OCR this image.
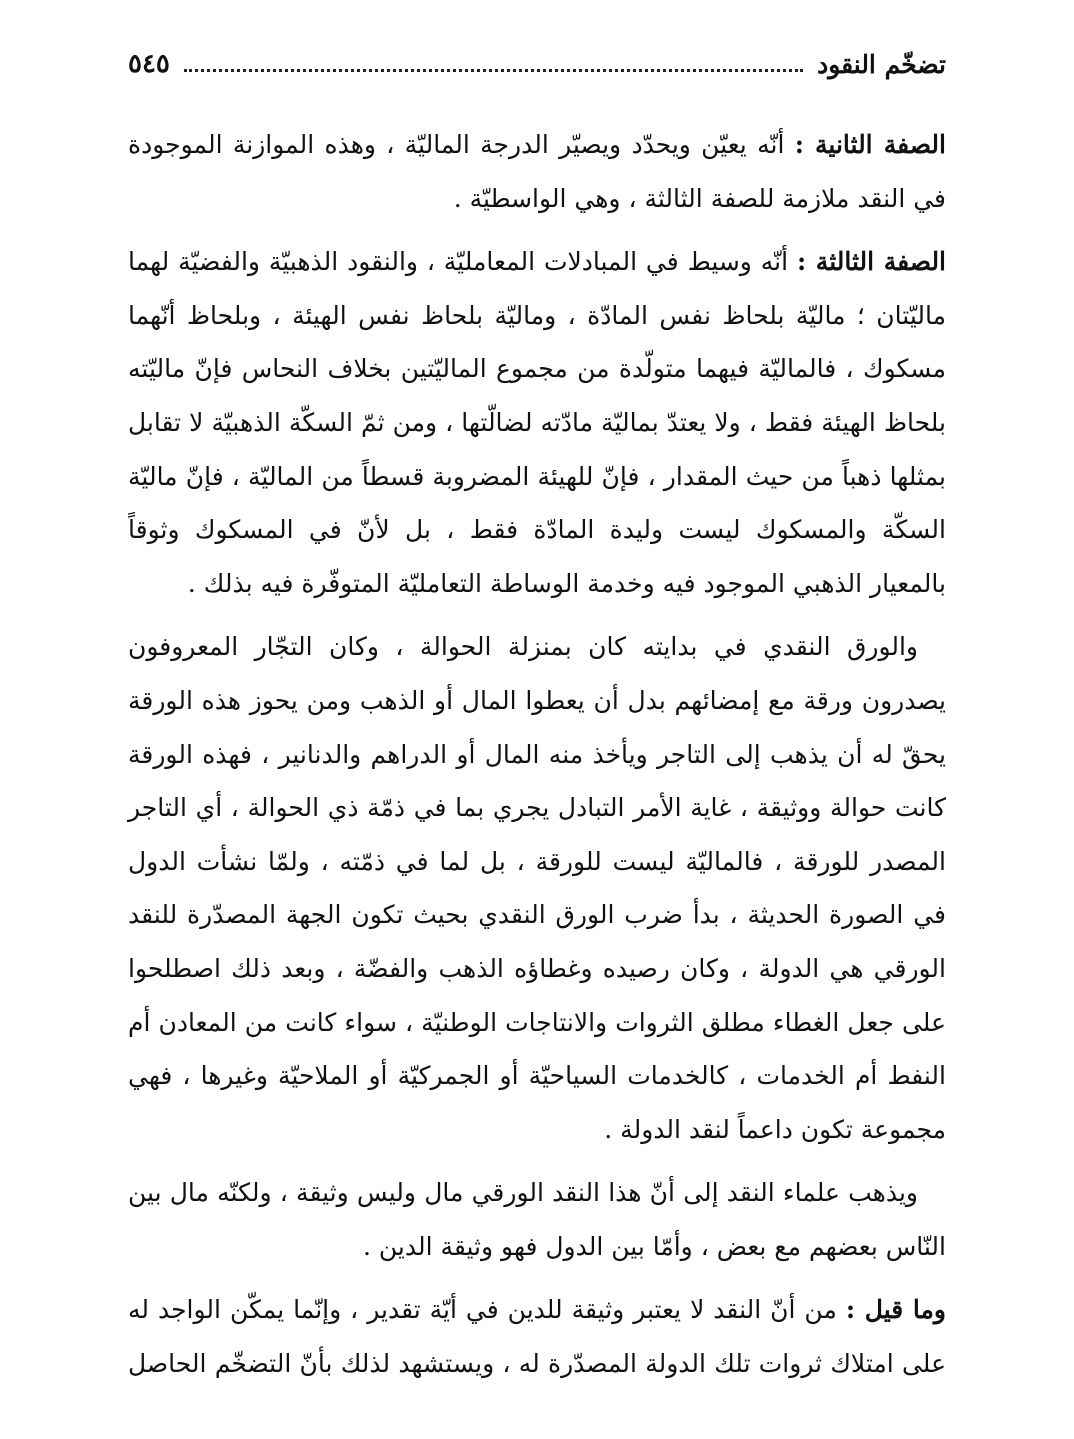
تضخّم النقود
٥٤٥

الصفة الثانية : أنّه يعيّن ويحدّد ويصيّر الدرجة الماليّة ، وهذه الموازنة الموجودة في النقد ملازمة للصفة الثالثة ، وهي الواسطيّة .

الصفة الثالثة : أنّه وسيط في المبادلات المعامليّة ، والنقود الذهبيّة والفضيّة لهما ماليّتان ؛ ماليّة بلحاظ نفس المادّة ، وماليّة بلحاظ نفس الهيئة ، وبلحاظ أنّهما مسكوك ، فالماليّة فيهما متولّدة من مجموع الماليّتين بخلاف النحاس فإنّ ماليّته بلحاظ الهيئة فقط ، ولا يعتدّ بماليّة مادّته لضالّتها ، ومن ثمّ السكّة الذهبيّة لا تقابل بمثلها ذهباً من حيث المقدار ، فإنّ للهيئة المضروبة قسطاً من الماليّة ، فإنّ ماليّة السكّة والمسكوك ليست وليدة المادّة فقط ، بل لأنّ في المسكوك وثوقاً بالمعيار الذهبي الموجود فيه وخدمة الوساطة التعامليّة المتوفّرة فيه بذلك .

والورق النقدي في بدايته كان بمنزلة الحوالة ، وكان التجّار المعروفون يصدرون ورقة مع إمضائهم بدل أن يعطوا المال أو الذهب ومن يحوز هذه الورقة يحقّ له أن يذهب إلى التاجر ويأخذ منه المال أو الدراهم والدنانير ، فهذه الورقة كانت حوالة ووثيقة ، غاية الأمر التبادل يجري بما في ذمّة ذي الحوالة ، أي التاجر المصدر للورقة ، فالماليّة ليست للورقة ، بل لما في ذمّته ، ولمّا نشأت الدول في الصورة الحديثة ، بدأ ضرب الورق النقدي بحيث تكون الجهة المصدّرة للنقد الورقي هي الدولة ، وكان رصيده وغطاؤه الذهب والفضّة ، وبعد ذلك اصطلحوا على جعل الغطاء مطلق الثروات والانتاجات الوطنيّة ، سواء كانت من المعادن أم النفط أم الخدمات ، كالخدمات السياحيّة أو الجمركيّة أو الملاحيّة وغيرها ، فهي مجموعة تكون داعماً لنقد الدولة .

ويذهب علماء النقد إلى أنّ هذا النقد الورقي مال وليس وثيقة ، ولكنّه مال بين النّاس بعضهم مع بعض ، وأمّا بين الدول فهو وثيقة الدين .

وما قيل : من أنّ النقد لا يعتبر وثيقة للدين في أيّة تقدير ، وإنّما يمكّن الواجد له على امتلاك ثروات تلك الدولة المصدّرة له ، ويستشهد لذلك بأنّ التضخّم الحاصل
